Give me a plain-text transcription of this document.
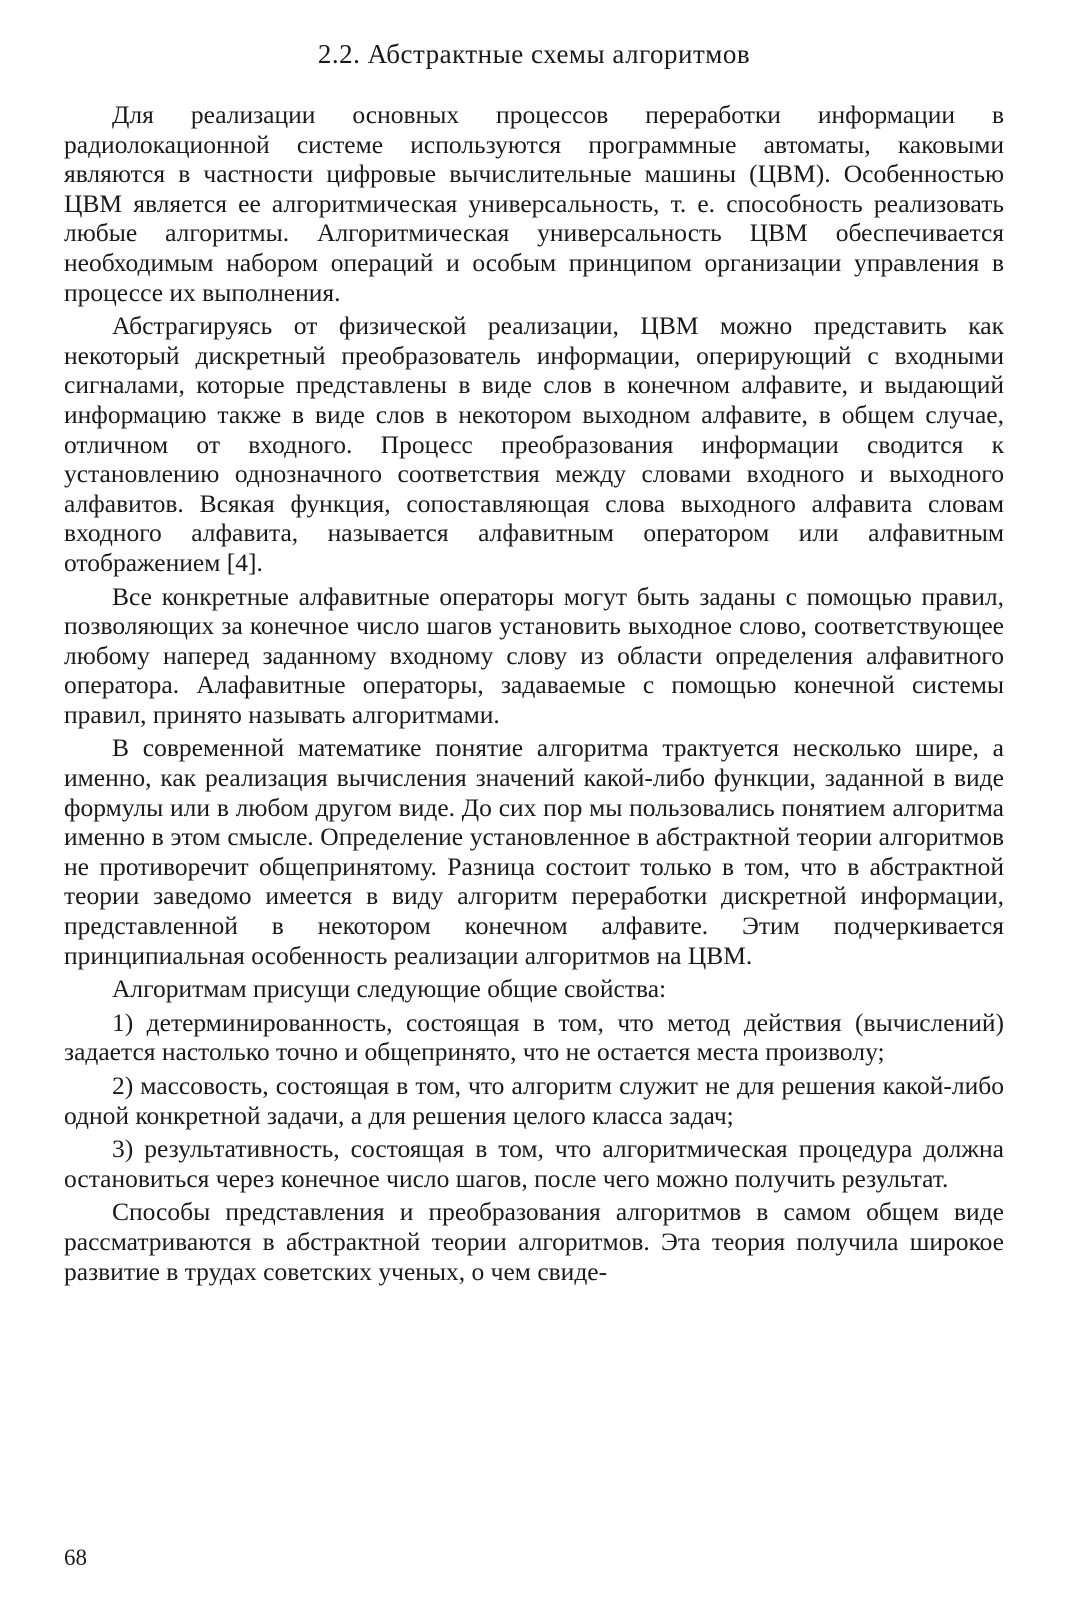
2.2. Абстрактные схемы алгоритмов

Для реализации основных процессов переработки информации в радиолокационной системе используются программные автоматы, каковыми являются в частности цифровые вычислительные машины (ЦВМ). Особенностью ЦВМ является ее алгоритмическая универсальность, т. е. способность реализовать любые алгоритмы. Алгоритмическая универсальность ЦВМ обеспечивается необходимым набором операций и особым принципом организации управления в процессе их выполнения.

Абстрагируясь от физической реализации, ЦВМ можно представить как некоторый дискретный преобразователь информации, оперирующий с входными сигналами, которые представлены в виде слов в конечном алфавите, и выдающий информацию также в виде слов в некотором выходном алфавите, в общем случае, отличном от входного. Процесс преобразования информации сводится к установлению однозначного соответствия между словами входного и выходного алфавитов. Всякая функция, сопоставляющая слова выходного алфавита словам входного алфавита, называется алфавитным оператором или алфавитным отображением [4].

Все конкретные алфавитные операторы могут быть заданы с помощью правил, позволяющих за конечное число шагов установить выходное слово, соответствующее любому наперед заданному входному слову из области определения алфавитного оператора. Алафавитные операторы, задаваемые с помощью конечной системы правил, принято называть алгоритмами.

В современной математике понятие алгоритма трактуется несколько шире, а именно, как реализация вычисления значений какой-либо функции, заданной в виде формулы или в любом другом виде. До сих пор мы пользовались понятием алгоритма именно в этом смысле. Определение установленное в абстрактной теории алгоритмов не противоречит общепринятому. Разница состоит только в том, что в абстрактной теории заведомо имеется в виду алгоритм переработки дискретной информации, представленной в некотором конечном алфавите. Этим подчеркивается принципиальная особенность реализации алгоритмов на ЦВМ.

Алгоритмам присущи следующие общие свойства:

1) детерминированность, состоящая в том, что метод действия (вычислений) задается настолько точно и общепринято, что не остается места произволу;

2) массовость, состоящая в том, что алгоритм служит не для решения какой-либо одной конкретной задачи, а для решения целого класса задач;

3) результативность, состоящая в том, что алгоритмическая процедура должна остановиться через конечное число шагов, после чего можно получить результат.

Способы представления и преобразования алгоритмов в самом общем виде рассматриваются в абстрактной теории алгоритмов. Эта теория получила широкое развитие в трудах советских ученых, о чем свиде-

68
